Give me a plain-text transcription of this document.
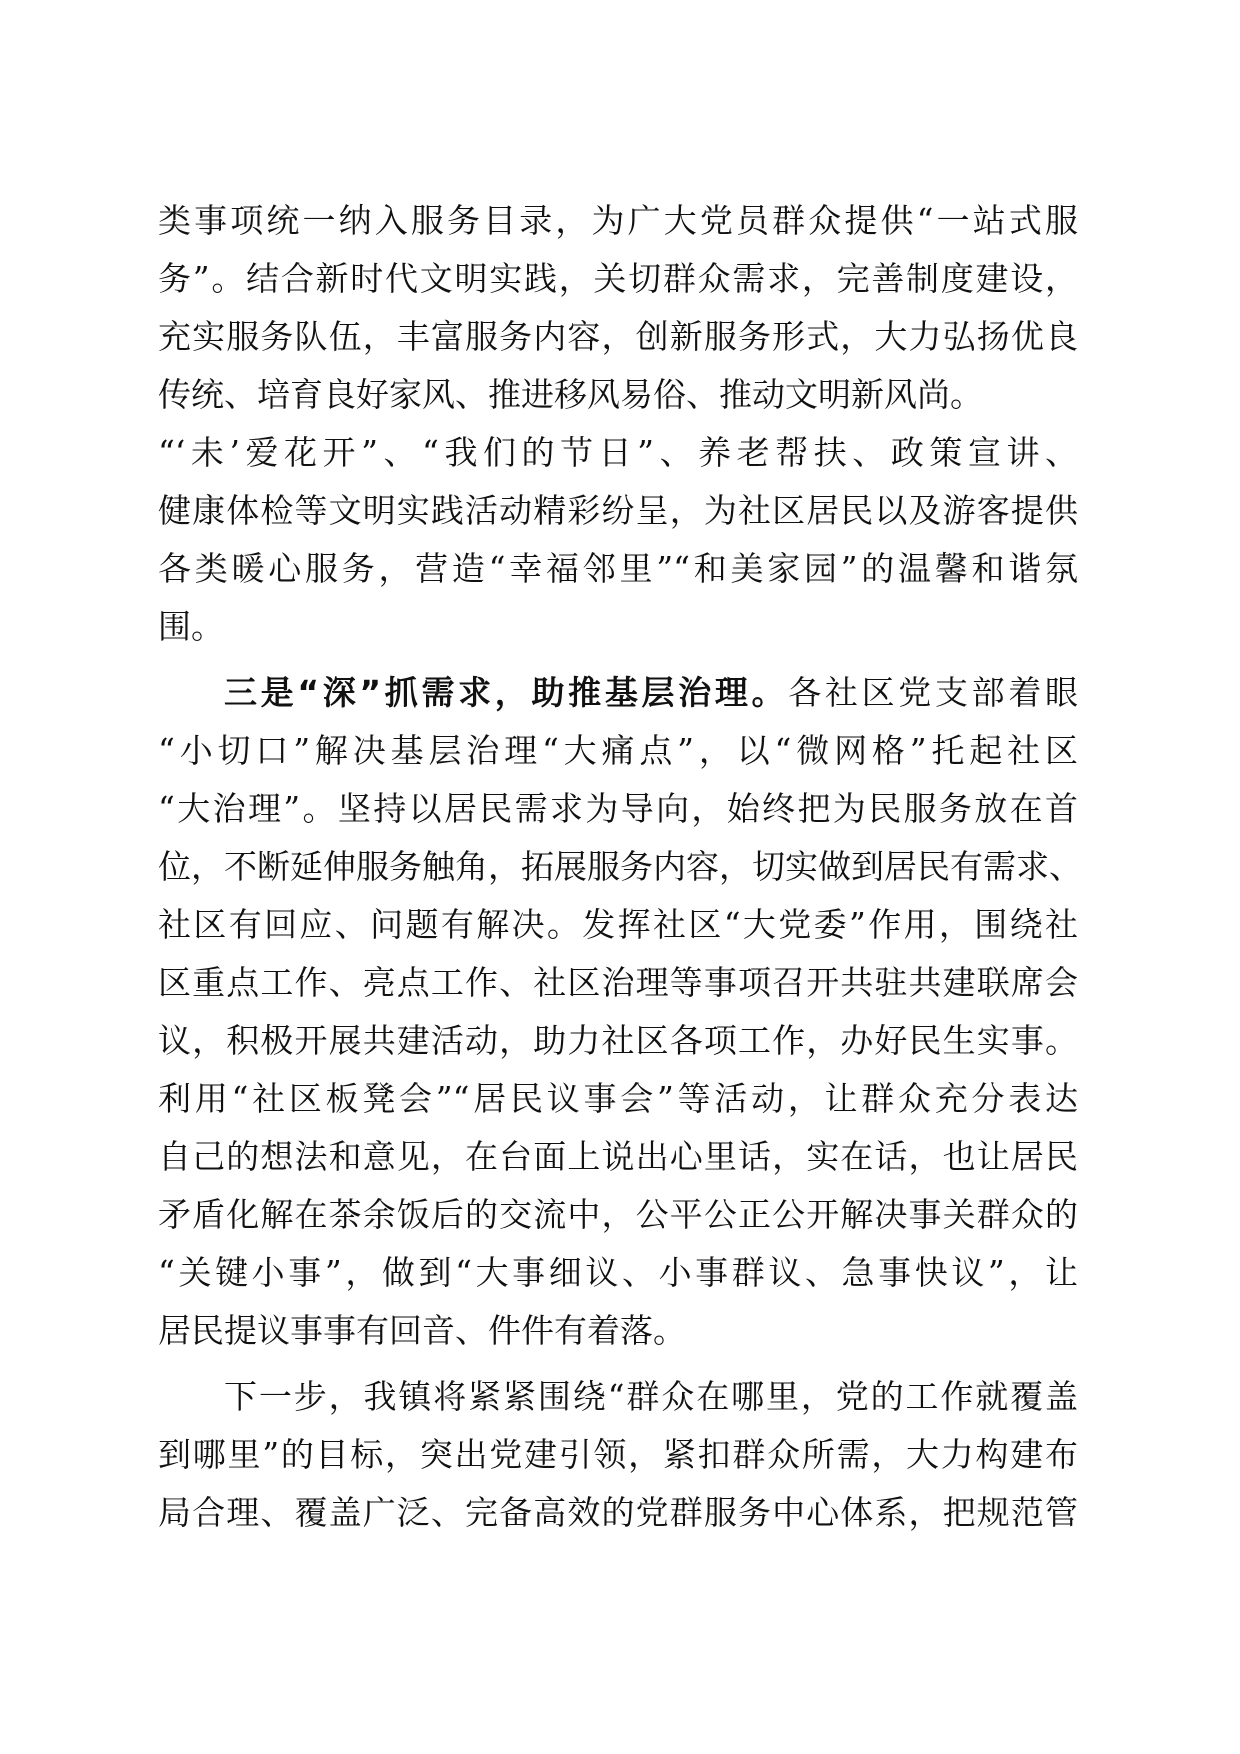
类事项统一纳入服务目录，为广大党员群众提供“一站式服
务”。结合新时代文明实践，关切群众需求，完善制度建设，
充实服务队伍，丰富服务内容，创新服务形式，大力弘扬优良
传统、培育良好家风、推进移风易俗、推动文明新风尚。
“‘未’爱花开”、“我们的节日”、养老帮扶、政策宣讲、
健康体检等文明实践活动精彩纷呈，为社区居民以及游客提供
各类暖心服务，营造“幸福邻里”“和美家园”的温馨和谐氛
围。
三是“深”抓需求，助推基层治理。各社区党支部着眼
“小切口”解决基层治理“大痛点”，以“微网格”托起社区
“大治理”。坚持以居民需求为导向，始终把为民服务放在首
位，不断延伸服务触角，拓展服务内容，切实做到居民有需求、
社区有回应、问题有解决。发挥社区“大党委”作用，围绕社
区重点工作、亮点工作、社区治理等事项召开共驻共建联席会
议，积极开展共建活动，助力社区各项工作，办好民生实事。
利用“社区板凳会”“居民议事会”等活动，让群众充分表达
自己的想法和意见，在台面上说出心里话，实在话，也让居民
矛盾化解在茶余饭后的交流中，公平公正公开解决事关群众的
“关键小事”，做到“大事细议、小事群议、急事快议”，让
居民提议事事有回音、件件有着落。
下一步，我镇将紧紧围绕“群众在哪里，党的工作就覆盖
到哪里”的目标，突出党建引领，紧扣群众所需，大力构建布
局合理、覆盖广泛、完备高效的党群服务中心体系，把规范管
